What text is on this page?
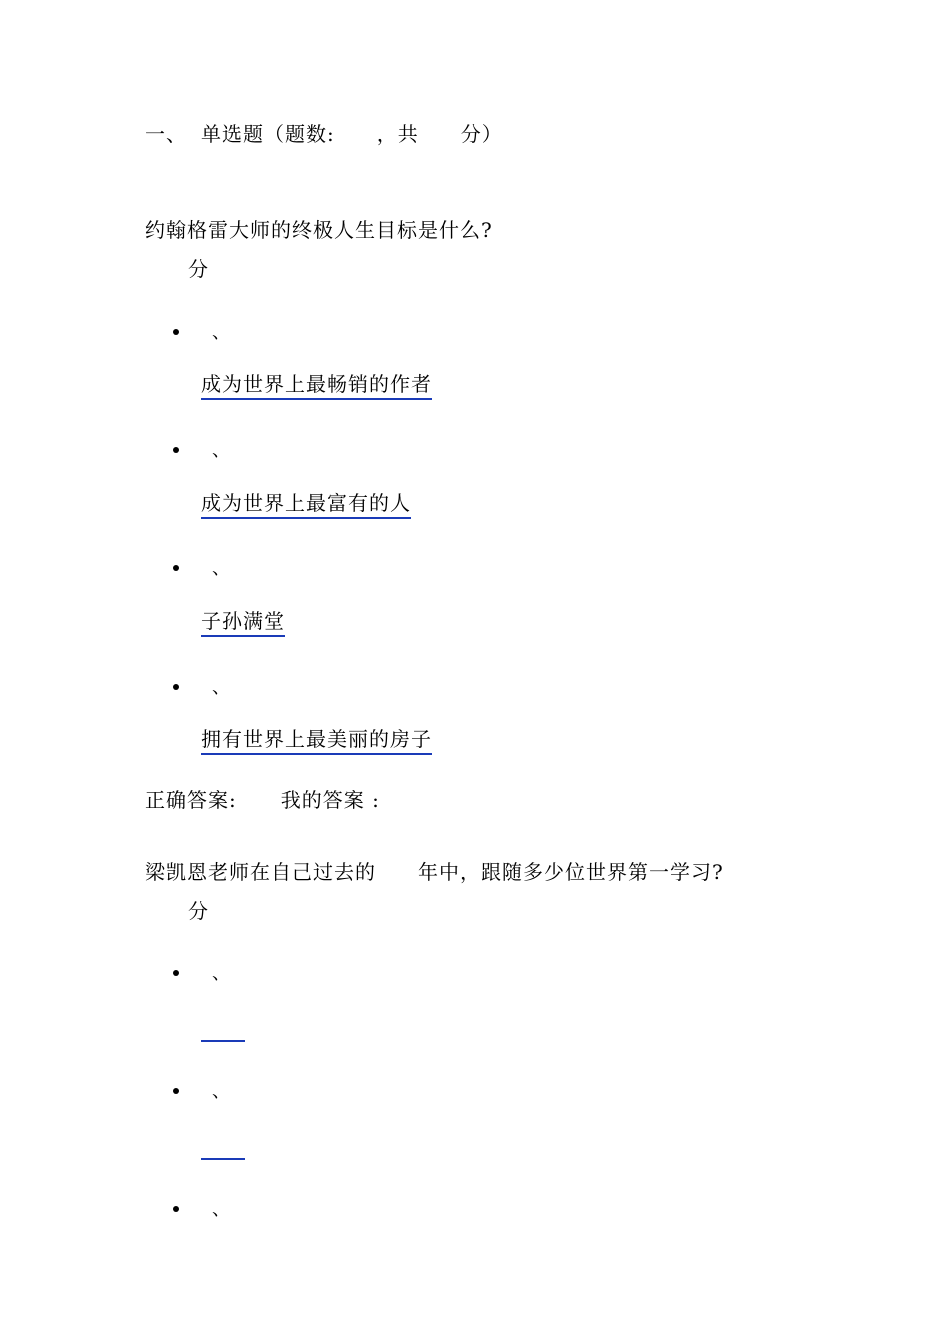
一、 单选题（题数:　　，共　　分）
约翰格雷大师的终极人生目标是什么?
分
、
成为世界上最畅销的作者
、
成为世界上最富有的人
、
子孙满堂
、
拥有世界上最美丽的房子
正确答案: 我的答案 :
梁凯恩老师在自己过去的　　年中，跟随多少位世界第一学习?
分
、
、
、
